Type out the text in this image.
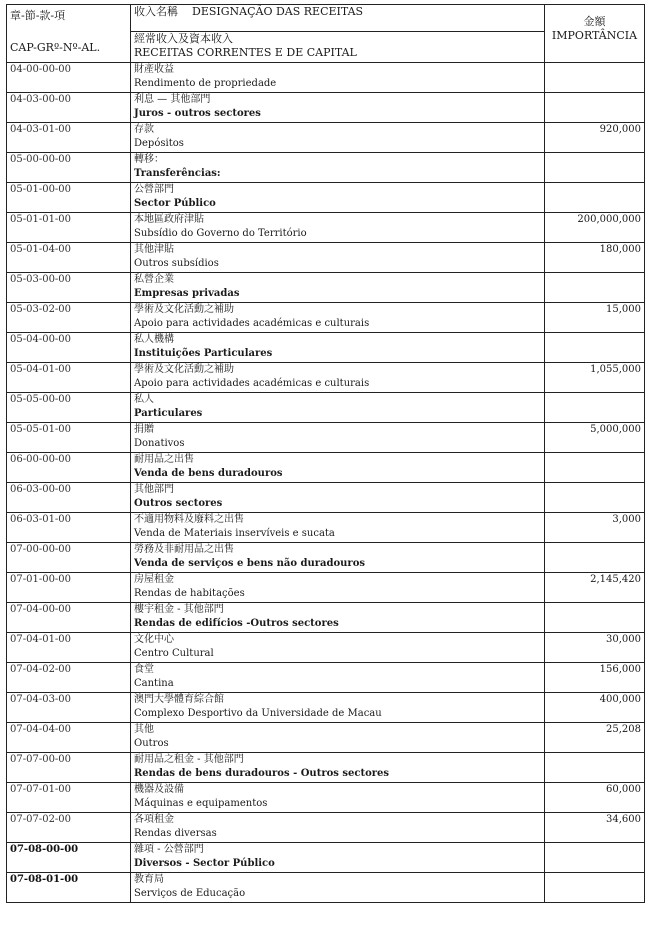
章-節-款-項
CAP-GRº-Nº-AL.	收入名稱 DESIGNAÇÃO DAS RECEITAS	金額
IMPORTÂNCIA

	經常收入及資本收入
RECEITAS CORRENTES E DE CAPITAL	

04-00-00-00	財產收益
Rendimento de propriedade	

04-03-00-00	利息 — 其他部門
Juros - outros sectores	

04-03-01-00	存款
Depósitos	920,000
05-00-00-00	轉移：
Transferências:	

05-01-00-00	公營部門
Sector Público	

05-01-01-00	本地區政府津貼
Subsídio do Governo do Território	200,000,000
05-01-04-00	其他津貼
Outros subsídios	180,000
05-03-00-00	私營企業
Empresas privadas	

05-03-02-00	學術及文化活動之補助
Apoio para actividades académicas e culturais	15,000
05-04-00-00	私人機構
Instituições Particulares	

05-04-01-00	學術及文化活動之補助
Apoio para actividades académicas e culturais	1,055,000
05-05-00-00	私人
Particulares	

05-05-01-00	捐贈
Donativos	5,000,000
06-00-00-00	耐用品之出售
Venda de bens duradouros	

06-03-00-00	其他部門
Outros sectores	

06-03-01-00	不適用物料及廢料之出售
Venda de Materiais inservíveis e sucata	3,000
07-00-00-00	勞務及非耐用品之出售
Venda de serviços e bens não duradouros	

07-01-00-00	房屋租金
Rendas de habitações	2,145,420
07-04-00-00	樓宇租金 - 其他部門
Rendas de edifícios -Outros sectores	

07-04-01-00	文化中心
Centro Cultural	30,000
07-04-02-00	食堂
Cantina	156,000
07-04-03-00	澳門大學體育綜合館
Complexo Desportivo da Universidade de Macau	400,000
07-04-04-00	其他
Outros	25,208
07-07-00-00	耐用品之租金 - 其他部門
Rendas de bens duradouros - Outros sectores	

07-07-01-00	機器及設備
Máquinas e equipamentos	60,000
07-07-02-00	各項租金
Rendas diversas	34,600
07-08-00-00	雜項 - 公營部門
Diversos - Sector Público	

07-08-01-00	教育局
Serviços de Educação	
